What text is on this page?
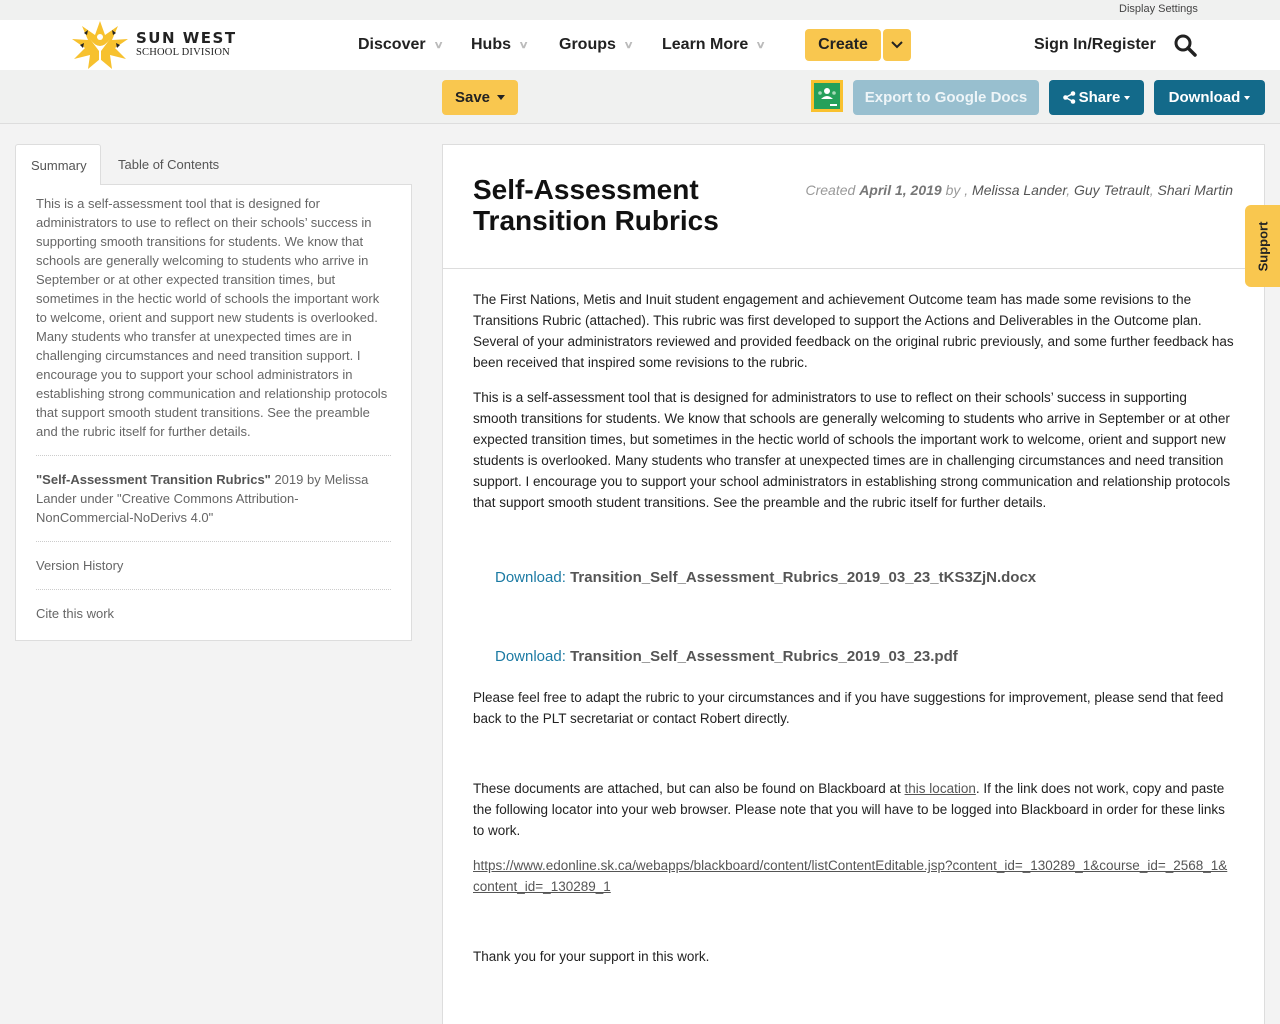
Display Settings
SUN WEST
SCHOOL DIVISION	Discover ∨ Hubs ∨ Groups ∨ Learn More ∨	Create	Sign In/Register
Save	Export to Google Docs	Share	Download
Summary	Table of Contents
This is a self-assessment tool that is designed for administrators to use to reflect on their schools’ success in supporting smooth transitions for students. We know that schools are generally welcoming to students who arrive in September or at other expected transition times, but sometimes in the hectic world of schools the important work to welcome, orient and support new students is overlooked. Many students who transfer at unexpected times are in challenging circumstances and need transition support. I encourage you to support your school administrators in establishing strong communication and relationship protocols that support smooth student transitions. See the preamble and the rubric itself for further details.
"Self-Assessment Transition Rubrics" 2019 by Melissa Lander under "Creative Commons Attribution-NonCommercial-NoDerivs 4.0"
Version History
Cite this work
Self-Assessment Transition Rubrics
Created April 1, 2019 by , Melissa Lander, Guy Tetrault, Shari Martin

The First Nations, Metis and Inuit student engagement and achievement Outcome team has made some revisions to the Transitions Rubric (attached). This rubric was first developed to support the Actions and Deliverables in the Outcome plan. Several of your administrators reviewed and provided feedback on the original rubric previously, and some further feedback has been received that inspired some revisions to the rubric.

This is a self-assessment tool that is designed for administrators to use to reflect on their schools’ success in supporting smooth transitions for students. We know that schools are generally welcoming to students who arrive in September or at other expected transition times, but sometimes in the hectic world of schools the important work to welcome, orient and support new students is overlooked. Many students who transfer at unexpected times are in challenging circumstances and need transition support. I encourage you to support your school administrators in establishing strong communication and relationship protocols that support smooth student transitions. See the preamble and the rubric itself for further details.

Download: Transition_Self_Assessment_Rubrics_2019_03_23_tKS3ZjN.docx

Download: Transition_Self_Assessment_Rubrics_2019_03_23.pdf

Please feel free to adapt the rubric to your circumstances and if you have suggestions for improvement, please send that feed back to the PLT secretariat or contact Robert directly.

These documents are attached, but can also be found on Blackboard at this location. If the link does not work, copy and paste the following locator into your web browser. Please note that you will have to be logged into Blackboard in order for these links to work.

https://www.edonline.sk.ca/webapps/blackboard/content/listContentEditable.jsp?content_id=_130289_1&course_id=_2568_1&content_id=_130289_1

Thank you for your support in this work.

Support
